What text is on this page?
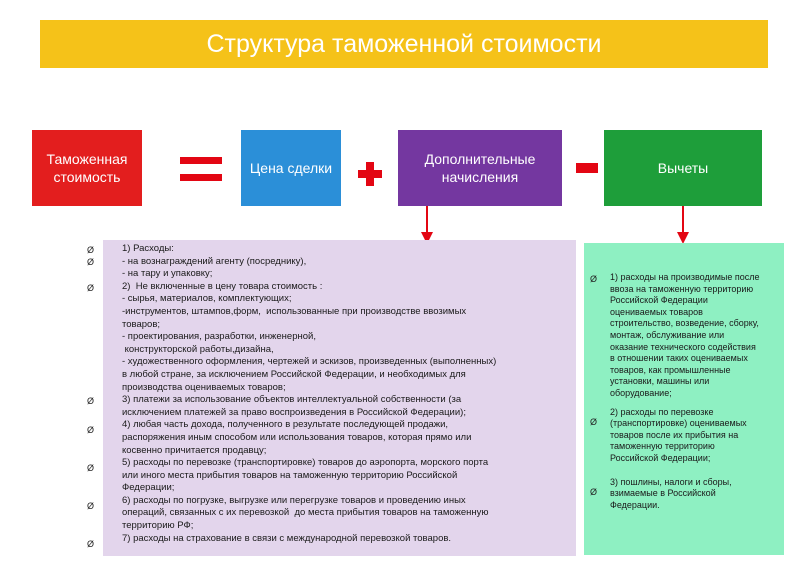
Структура таможенной стоимости
Таможенная стоимость
Цена сделки
Дополнительные начисления
Вычеты
Ø
Ø
Ø
Ø
Ø
Ø
Ø
Ø
1) Расходы:
- на вознаграждений агенту (посреднику),
- на тару и упаковку;
2)  Не включенные в цену товара стоимость :
- сырья, материалов, комплектующих;
-инструментов, штампов,форм,  использованные при производстве ввозимых
товаров;
- проектирования, разработки, инженерной,
конструкторской работы,дизайна,
- художественного оформления, чертежей и эскизов, произведенных (выполненных)
в любой стране, за исключением Российской Федерации, и необходимых для
производства оцениваемых товаров;
3) платежи за использование объектов интеллектуальной собственности (за
исключением платежей за право воспроизведения в Российской Федерации);
4) любая часть дохода, полученного в результате последующей продажи,
распоряжения иным способом или использования товаров, которая прямо или
косвенно причитается продавцу;
5) расходы по перевозке (транспортировке) товаров до аэропорта, морского порта
или иного места прибытия товаров на таможенную территорию Российской
Федерации;
6) расходы по погрузке, выгрузке или перегрузке товаров и проведению иных
операций, связанных с их перевозкой  до места прибытия товаров на таможенную
территорию РФ;
7) расходы на страхование в связи с международной перевозкой товаров.
Ø
Ø
Ø
1) расходы на производимые после
ввоза на таможенную территорию
Российской Федерации
оцениваемых товаров
строительство, возведение, сборку,
монтаж, обслуживание или
оказание технического содействия
в отношении таких оцениваемых
товаров, как промышленные
установки, машины или
оборудование;
2) расходы по перевозке
(транспортировке) оцениваемых
товаров после их прибытия на
таможенную территорию
Российской Федерации;
3) пошлины, налоги и сборы,
взимаемые в Российской
Федерации.
